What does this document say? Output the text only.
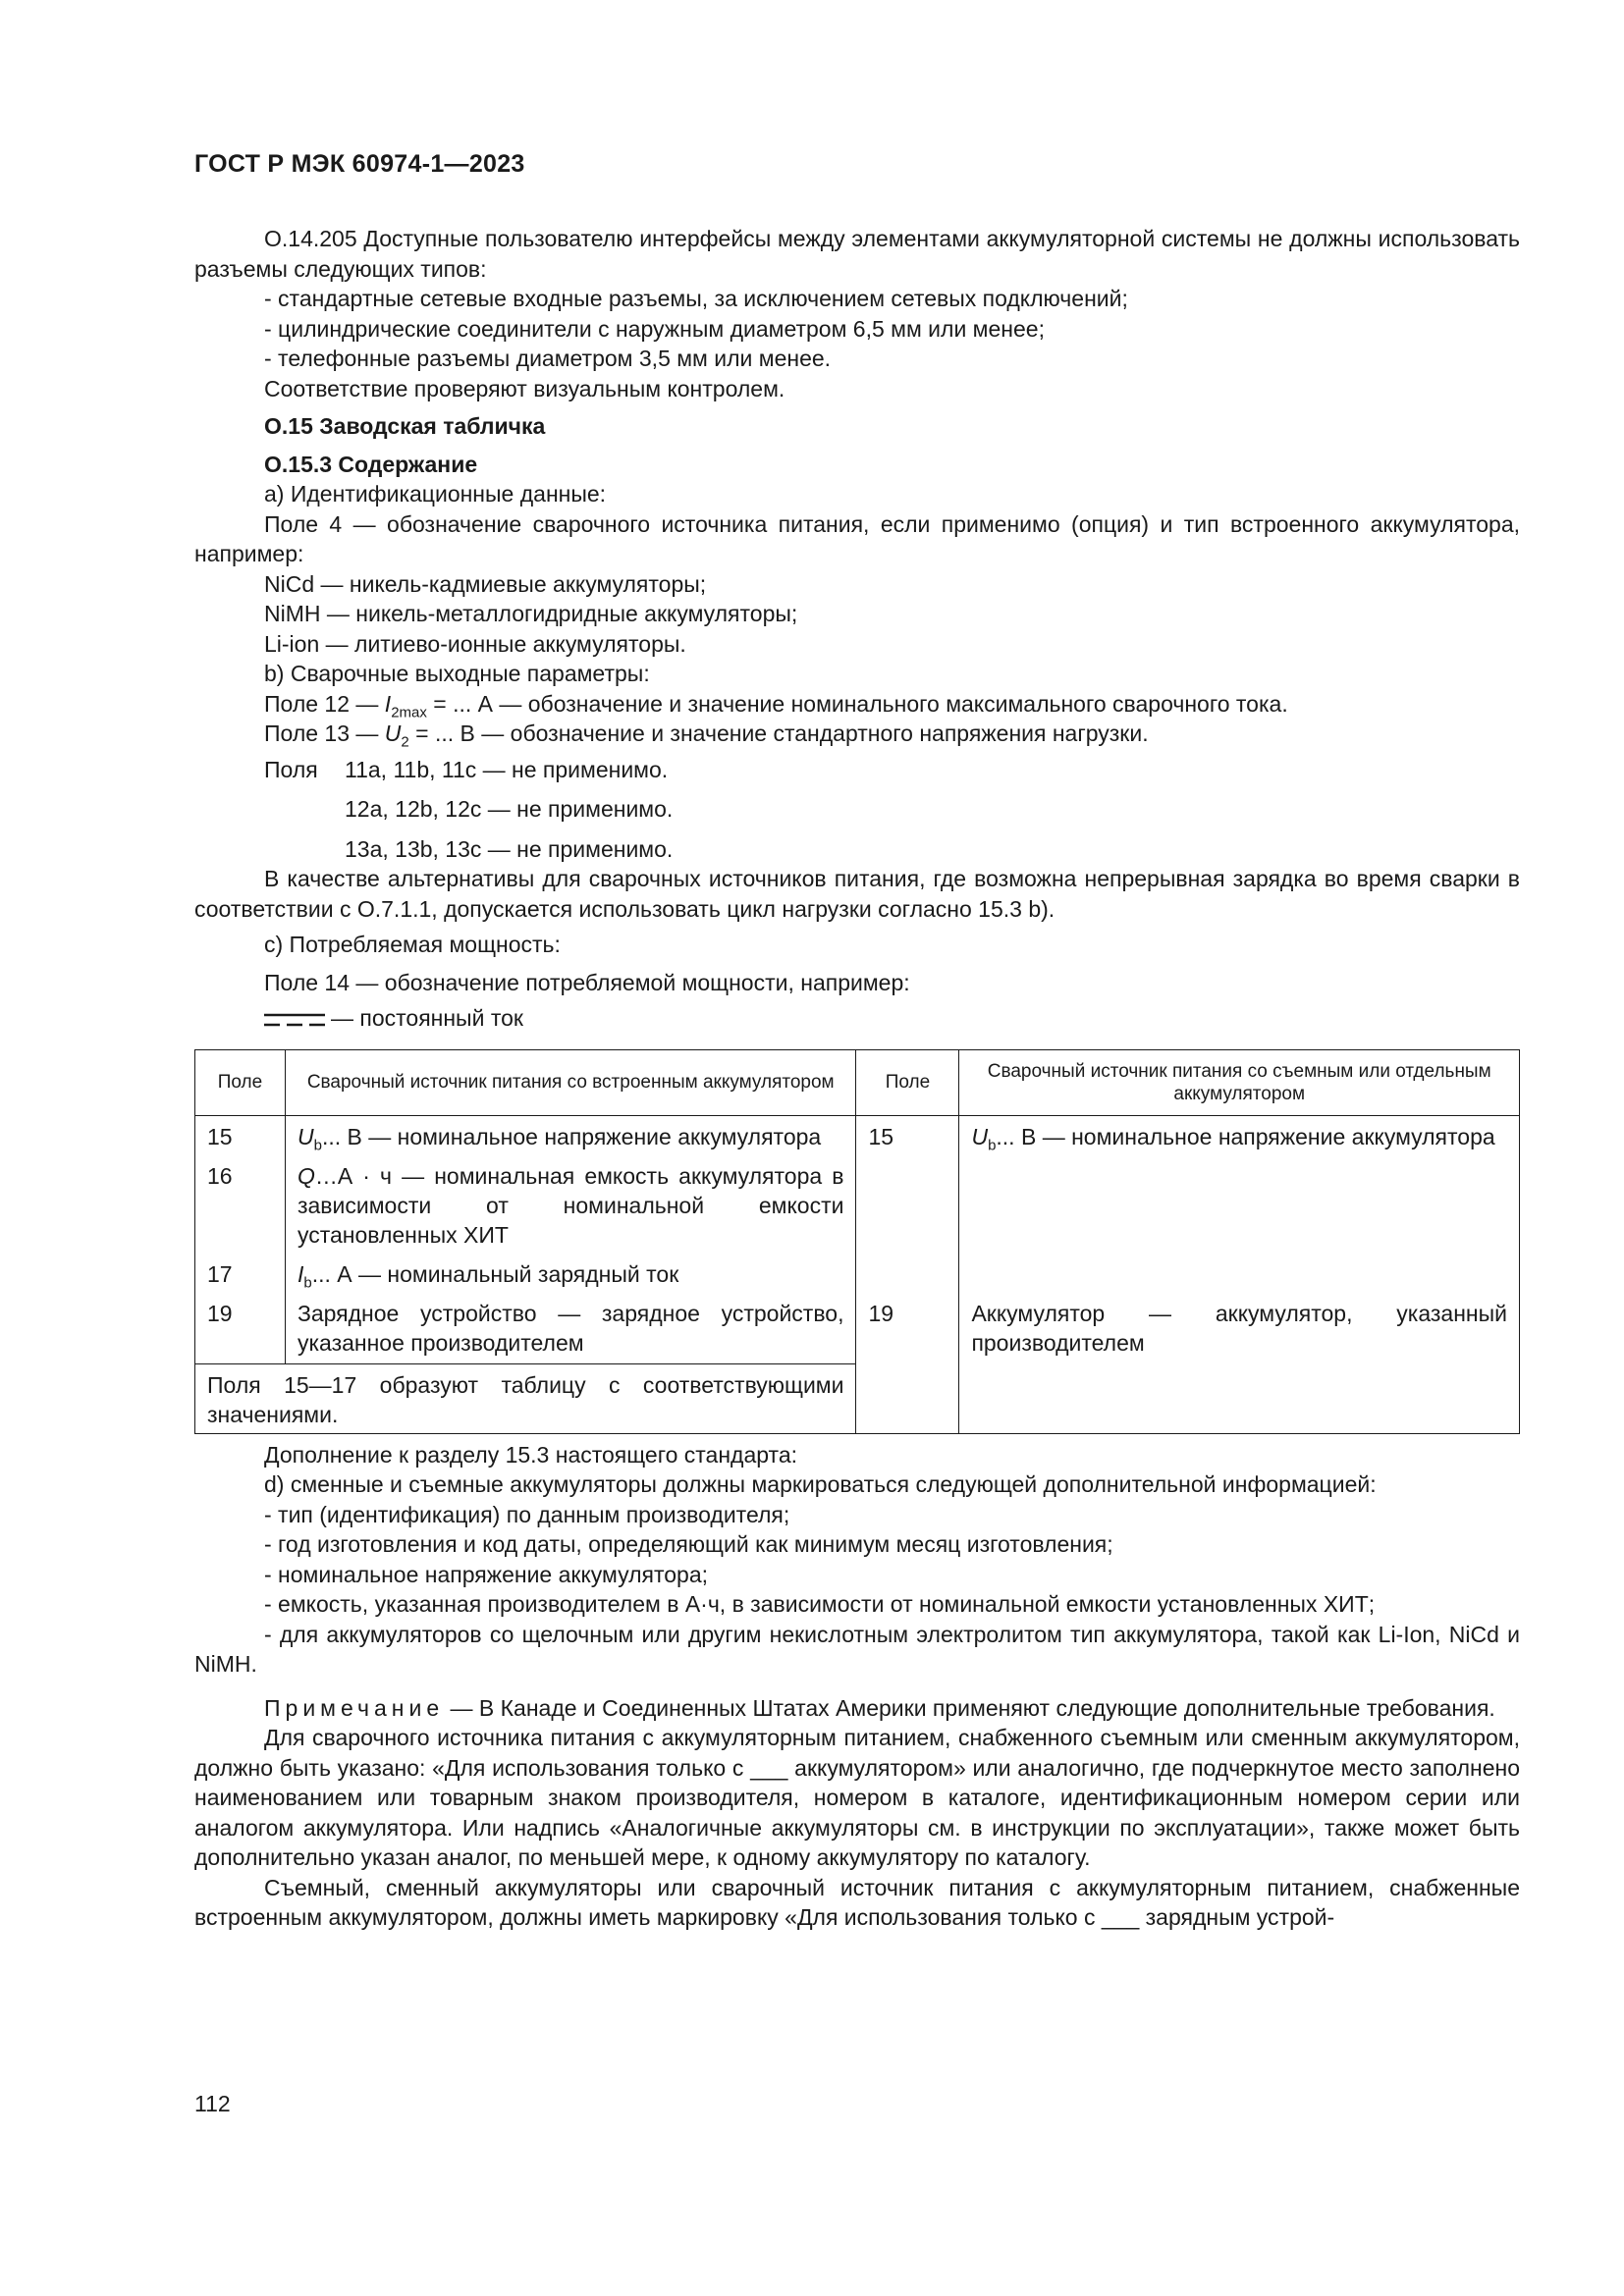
ГОСТ Р МЭК 60974-1—2023

О.14.205 Доступные пользователю интерфейсы между элементами аккумуляторной системы не должны использовать разъемы следующих типов:

- стандартные сетевые входные разъемы, за исключением сетевых подключений;

- цилиндрические соединители с наружным диаметром 6,5 мм или менее;

- телефонные разъемы диаметром 3,5 мм или менее.

Соответствие проверяют визуальным контролем.

О.15 Заводская табличка

О.15.3 Содержание

а) Идентификационные данные:

Поле 4 — обозначение сварочного источника питания, если применимо (опция) и тип встроенного аккумулятора, например:

NiCd — никель-кадмиевые аккумуляторы;

NiMH — никель-металлогидридные аккумуляторы;

Li-ion — литиево-ионные аккумуляторы.

b) Сварочные выходные параметры:

Поле 12 — $I_{2max}$ = ... А — обозначение и значение номинального максимального сварочного тока.

Поле 13 — $U_2$ = ... В — обозначение и значение стандартного напряжения нагрузки.

Поля	11а, 11b, 11с — не применимо.
12а, 12b, 12с — не применимо.
13а, 13b, 13с — не применимо.

В качестве альтернативы для сварочных источников питания, где возможна непрерывная зарядка во время сварки в соответствии с О.7.1.1, допускается использовать цикл нагрузки согласно 15.3 b).

с) Потребляемая мощность:

Поле 14 — обозначение потребляемой мощности, например:

— постоянный ток

Поле	Сварочный источник питания со встроенным аккумулятором	Поле	Сварочный источник питания со съемным или отдельным аккумулятором
15	$U_b$... В — номинальное напряжение аккумулятора	15	$U_b$... В — номинальное напряжение аккумулятора
16	Q…А · ч — номинальная емкость аккумулятора в зависимости от номинальной емкости установленных ХИТ		
17	$I_b$... А — номинальный зарядный ток		
19	Зарядное устройство — зарядное устройство, указанное производителем	19	Аккумулятор — аккумулятор, указанный производителем
Поля 15—17 образуют таблицу с соответствующими значениями.			

Дополнение к разделу 15.3 настоящего стандарта:

d) сменные и съемные аккумуляторы должны маркироваться следующей дополнительной информацией:

- тип (идентификация) по данным производителя;

- год изготовления и код даты, определяющий как минимум месяц изготовления;

- номинальное напряжение аккумулятора;

- емкость, указанная производителем в А·ч, в зависимости от номинальной емкости установленных ХИТ;

- для аккумуляторов со щелочным или другим некислотным электролитом тип аккумулятора, такой как Li-Ion, NiCd и NiMH.

Примечание — В Канаде и Соединенных Штатах Америки применяют следующие дополнительные требования.

Для сварочного источника питания с аккумуляторным питанием, снабженного съемным или сменным аккумулятором, должно быть указано: «Для использования только с ___ аккумулятором» или аналогично, где подчеркнутое место заполнено наименованием или товарным знаком производителя, номером в каталоге, идентификационным номером серии или аналогом аккумулятора. Или надпись «Аналогичные аккумуляторы см. в инструкции по эксплуатации», также может быть дополнительно указан аналог, по меньшей мере, к одному аккумулятору по каталогу.

Съемный, сменный аккумуляторы или сварочный источник питания с аккумуляторным питанием, снабженные встроенным аккумулятором, должны иметь маркировку «Для использования только с ___ зарядным устрой-

112
